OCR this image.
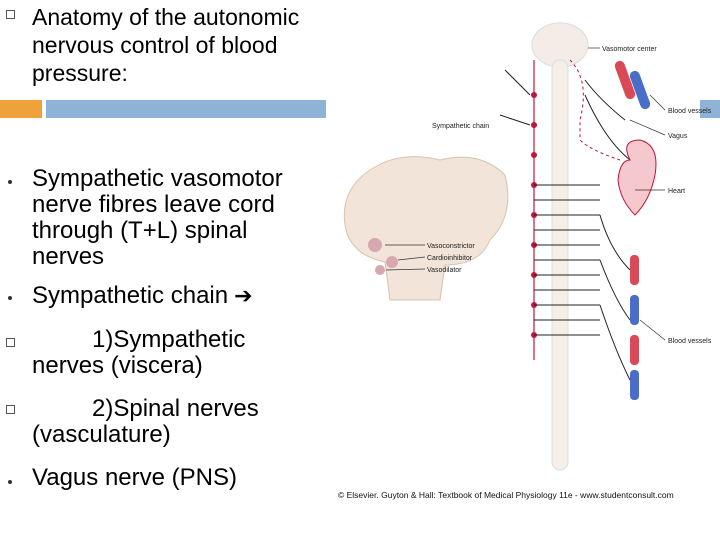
Anatomy of the autonomic nervous control of blood pressure:
Sympathetic vasomotor nerve fibres leave cord through (T+L) spinal nerves
Sympathetic chain ➔
1)Sympathetic
nerves (viscera)
2)Spinal nerves
(vasculature)
Vagus nerve (PNS)
Vasoconstrictor
Cardioinhibitor
Vasodilator
Vasomotor center
Blood vessels
Vagus
Sympathetic chain
Heart
Blood vessels
© Elsevier. Guyton & Hall: Textbook of Medical Physiology 11e - www.studentconsult.com
